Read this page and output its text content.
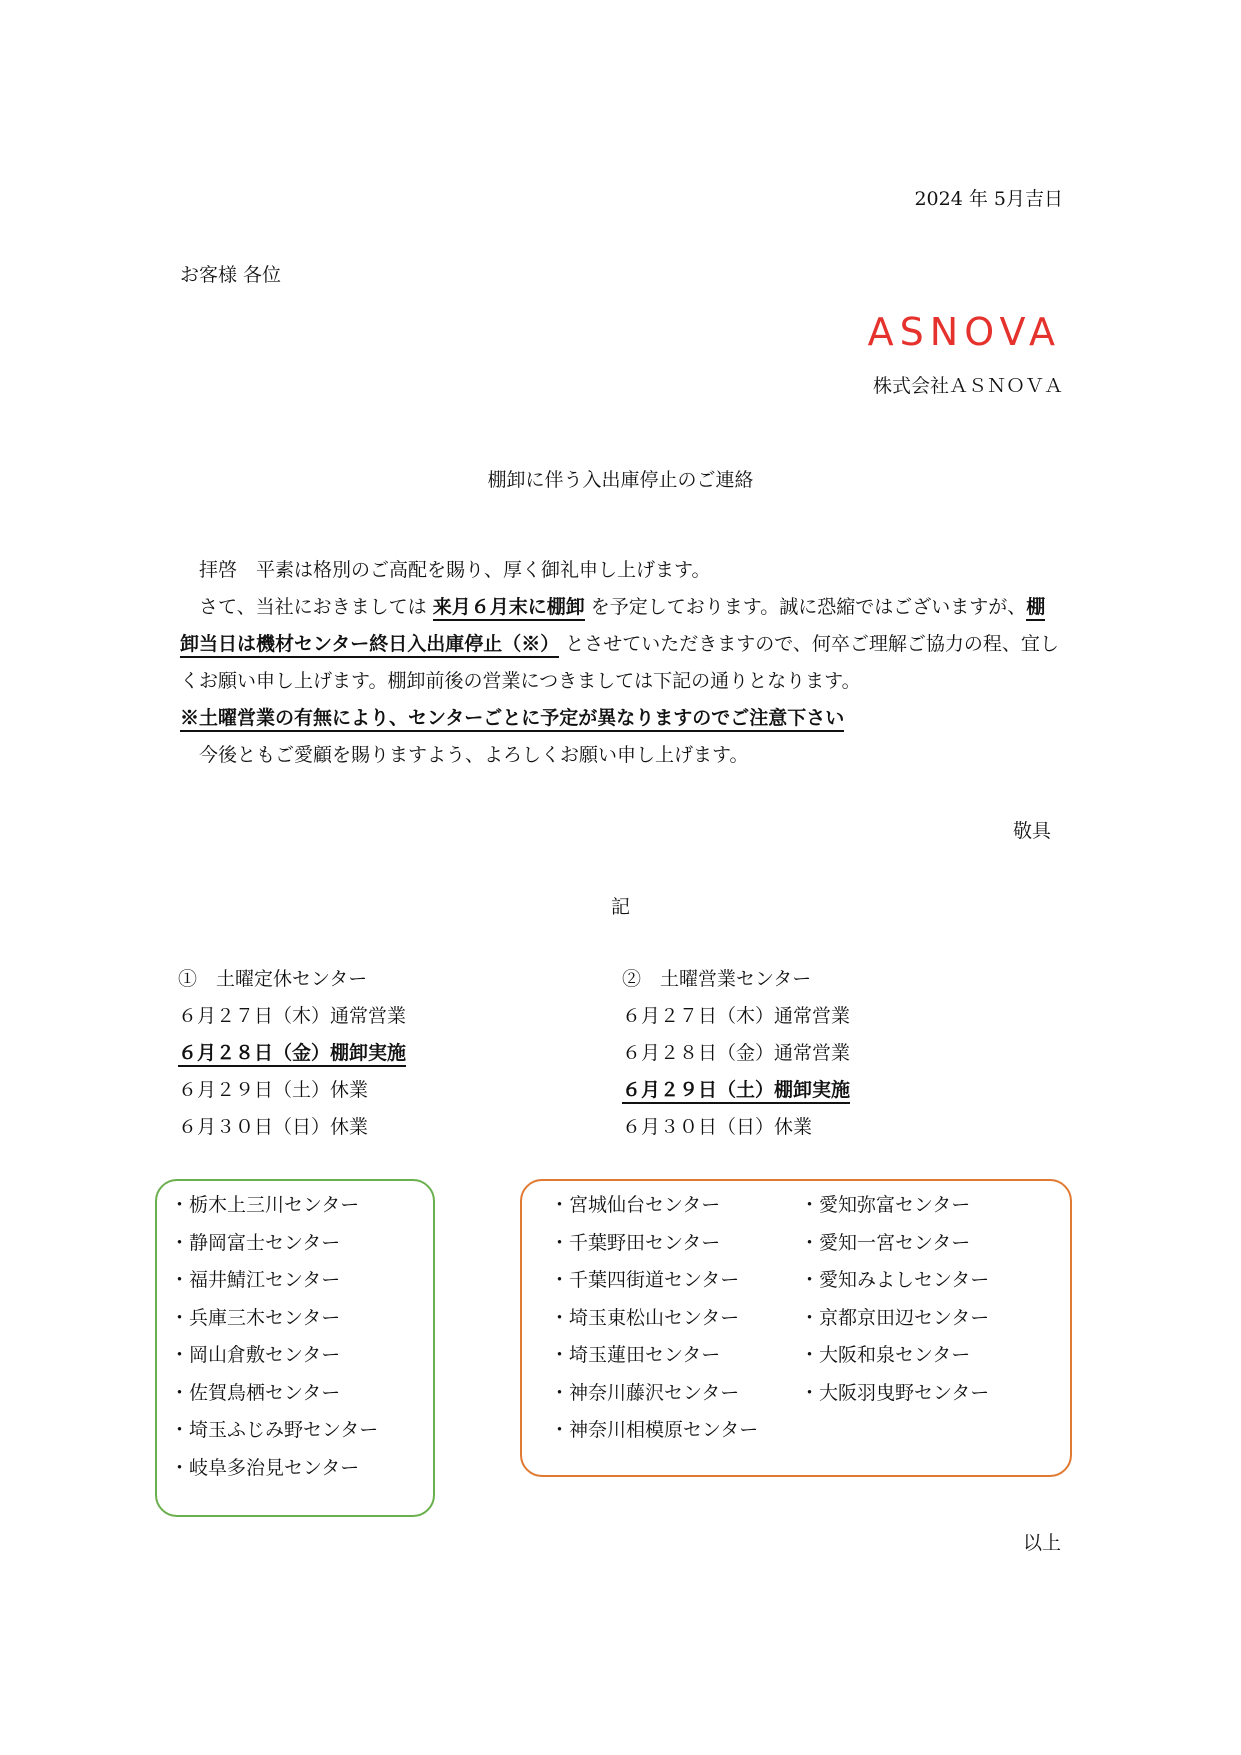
2024 年 5月吉日
お客様 各位
ASNOVA
株式会社ＡＳＮＯＶＡ
棚卸に伴う入出庫停止のご連絡
　拝啓　平素は格別のご高配を賜り、厚く御礼申し上げます。
　さて、当社におきましては 来月６月末に棚卸 を予定しております。誠に恐縮ではございますが、棚卸当日は機材センター終日入出庫停止（※） とさせていただきますので、何卒ご理解ご協力の程、宜しくお願い申し上げます。棚卸前後の営業につきましては下記の通りとなります。
※土曜営業の有無により、センターごとに予定が異なりますのでご注意下さい
　今後ともご愛顧を賜りますよう、よろしくお願い申し上げます。
敬具
記
①　土曜定休センター
６月２７日（木）通常営業
６月２８日（金）棚卸実施
６月２９日（土）休業
６月３０日（日）休業
②　土曜営業センター
６月２７日（木）通常営業
６月２８日（金）通常営業
６月２９日（土）棚卸実施
６月３０日（日）休業
・栃木上三川センター
・静岡富士センター
・福井鯖江センター
・兵庫三木センター
・岡山倉敷センター
・佐賀鳥栖センター
・埼玉ふじみ野センター
・岐阜多治見センター
・宮城仙台センター
・千葉野田センター
・千葉四街道センター
・埼玉東松山センター
・埼玉蓮田センター
・神奈川藤沢センター
・神奈川相模原センター
・愛知弥富センター
・愛知一宮センター
・愛知みよしセンター
・京都京田辺センター
・大阪和泉センター
・大阪羽曳野センター
以上
